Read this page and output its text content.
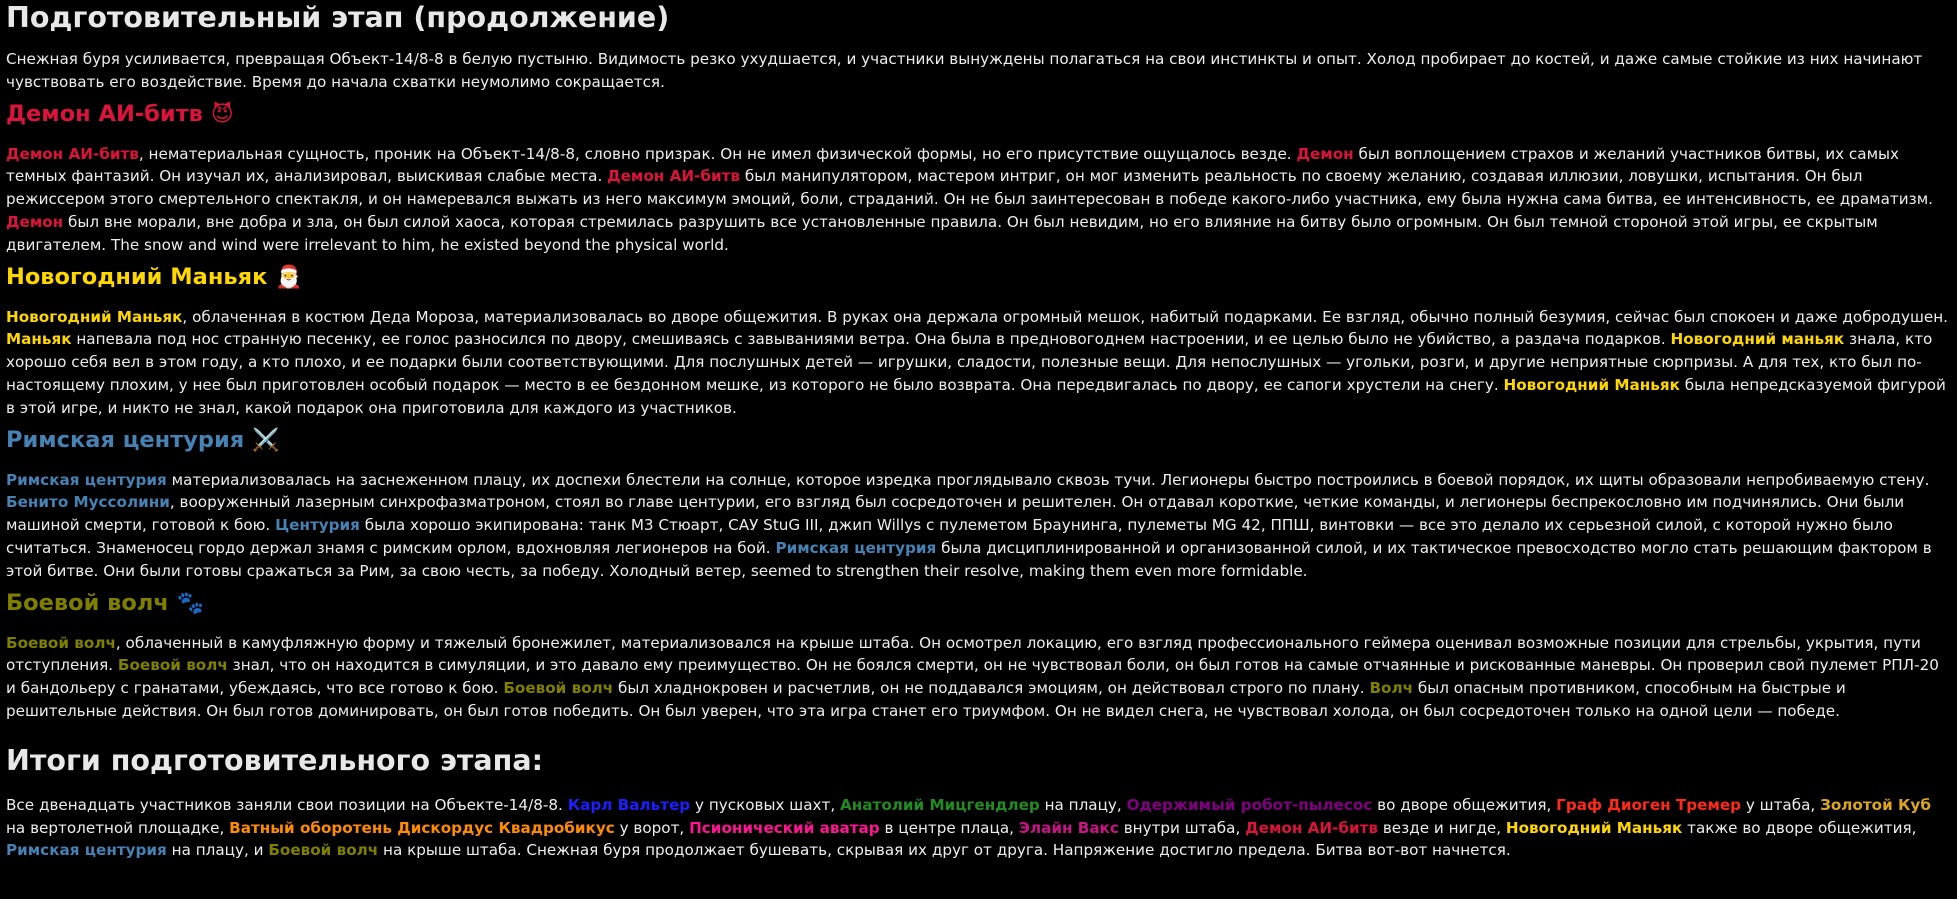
Подготовительный этап (продолжение)

Снежная буря усиливается, превращая Объект-14/8-8 в белую пустыню. Видимость резко ухудшается, и участники вынуждены полагаться на свои инстинкты и опыт. Холод пробирает до костей, и даже самые стойкие из них начинают чувствовать его воздействие. Время до начала схватки неумолимо сокращается.

Демон АИ-битв 😈

Демон АИ-битв, нематериальная сущность, проник на Объект-14/8-8, словно призрак. Он не имел физической формы, но его присутствие ощущалось везде. Демон был воплощением страхов и желаний участников битвы, их самых темных фантазий. Он изучал их, анализировал, выискивая слабые места. Демон АИ-битв был манипулятором, мастером интриг, он мог изменить реальность по своему желанию, создавая иллюзии, ловушки, испытания. Он был режиссером этого смертельного спектакля, и он намеревался выжать из него максимум эмоций, боли, страданий. Он не был заинтересован в победе какого-либо участника, ему была нужна сама битва, ее интенсивность, ее драматизм. Демон был вне морали, вне добра и зла, он был силой хаоса, которая стремилась разрушить все установленные правила. Он был невидим, но его влияние на битву было огромным. Он был темной стороной этой игры, ее скрытым двигателем. The snow and wind were irrelevant to him, he existed beyond the physical world.

Новогодний Маньяк 🎅

Новогодний Маньяк, облаченная в костюм Деда Мороза, материализовалась во дворе общежития. В руках она держала огромный мешок, набитый подарками. Ее взгляд, обычно полный безумия, сейчас был спокоен и даже добродушен. Маньяк напевала под нос странную песенку, ее голос разносился по двору, смешиваясь с завываниями ветра. Она была в предновогоднем настроении, и ее целью было не убийство, а раздача подарков. Новогодний маньяк знала, кто хорошо себя вел в этом году, а кто плохо, и ее подарки были соответствующими. Для послушных детей — игрушки, сладости, полезные вещи. Для непослушных — угольки, розги, и другие неприятные сюрпризы. А для тех, кто был по-настоящему плохим, у нее был приготовлен особый подарок — место в ее бездонном мешке, из которого не было возврата. Она передвигалась по двору, ее сапоги хрустели на снегу. Новогодний Маньяк была непредсказуемой фигурой в этой игре, и никто не знал, какой подарок она приготовила для каждого из участников.

Римская центурия ⚔️

Римская центурия материализовалась на заснеженном плацу, их доспехи блестели на солнце, которое изредка проглядывало сквозь тучи. Легионеры быстро построились в боевой порядок, их щиты образовали непробиваемую стену. Бенито Муссолини, вооруженный лазерным синхрофазматроном, стоял во главе центурии, его взгляд был сосредоточен и решителен. Он отдавал короткие, четкие команды, и легионеры беспрекословно им подчинялись. Они были машиной смерти, готовой к бою. Центурия была хорошо экипирована: танк M3 Стюарт, САУ StuG III, джип Willys с пулеметом Браунинга, пулеметы MG 42, ППШ, винтовки — все это делало их серьезной силой, с которой нужно было считаться. Знаменосец гордо держал знамя с римским орлом, вдохновляя легионеров на бой. Римская центурия была дисциплинированной и организованной силой, и их тактическое превосходство могло стать решающим фактором в этой битве. Они были готовы сражаться за Рим, за свою честь, за победу. Холодный ветер, seemed to strengthen their resolve, making them even more formidable.

Боевой волч 🐾

Боевой волч, облаченный в камуфляжную форму и тяжелый бронежилет, материализовался на крыше штаба. Он осмотрел локацию, его взгляд профессионального геймера оценивал возможные позиции для стрельбы, укрытия, пути отступления. Боевой волч знал, что он находится в симуляции, и это давало ему преимущество. Он не боялся смерти, он не чувствовал боли, он был готов на самые отчаянные и рискованные маневры. Он проверил свой пулемет РПЛ-20 и бандольеру с гранатами, убеждаясь, что все готово к бою. Боевой волч был хладнокровен и расчетлив, он не поддавался эмоциям, он действовал строго по плану. Волч был опасным противником, способным на быстрые и решительные действия. Он был готов доминировать, он был готов победить. Он был уверен, что эта игра станет его триумфом. Он не видел снега, не чувствовал холода, он был сосредоточен только на одной цели — победе.

Итоги подготовительного этапа:

Все двенадцать участников заняли свои позиции на Объекте-14/8-8. Карл Вальтер у пусковых шахт, Анатолий Мицгендлер на плацу, Одержимый робот-пылесос во дворе общежития, Граф Диоген Тремер у штаба, Золотой Куб на вертолетной площадке, Ватный оборотень Дискордус Квадробикус у ворот, Псионический аватар в центре плаца, Элайн Вакс внутри штаба, Демон АИ-битв везде и нигде, Новогодний Маньяк также во дворе общежития, Римская центурия на плацу, и Боевой волч на крыше штаба. Снежная буря продолжает бушевать, скрывая их друг от друга. Напряжение достигло предела. Битва вот-вот начнется.
